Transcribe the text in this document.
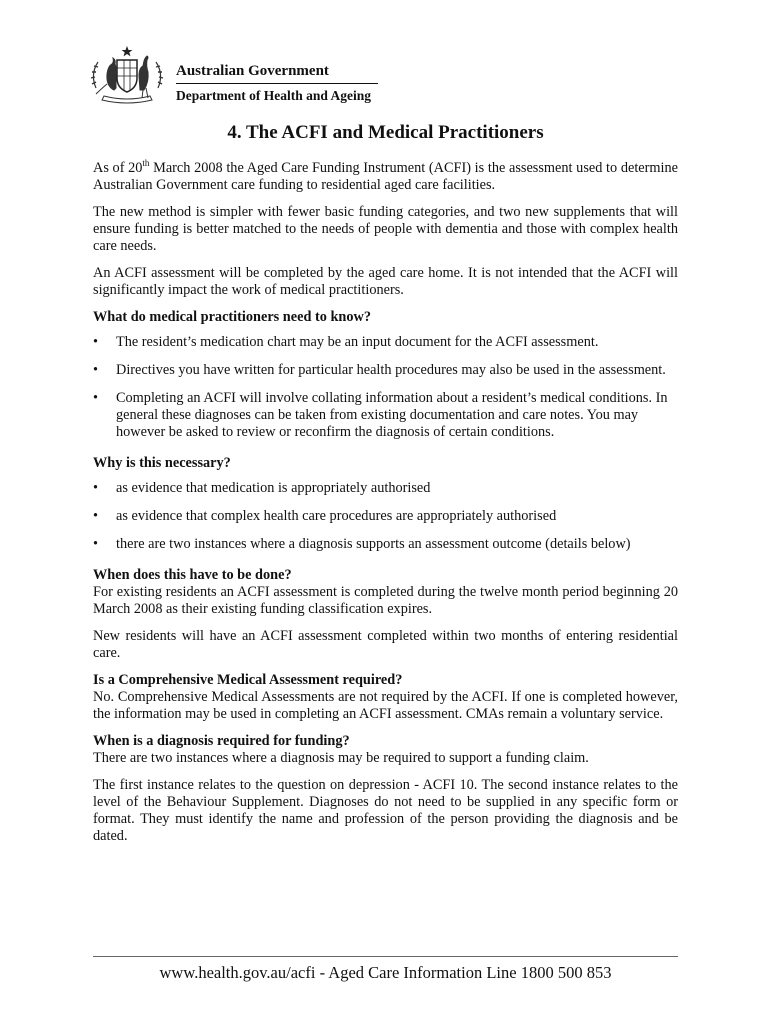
Australian Government
Department of Health and Ageing
4. The ACFI and Medical Practitioners

As of 20th March 2008 the Aged Care Funding Instrument (ACFI) is the assessment used to determine Australian Government care funding to residential aged care facilities.

The new method is simpler with fewer basic funding categories, and two new supplements that will ensure funding is better matched to the needs of people with dementia and those with complex health care needs.

An ACFI assessment will be completed by the aged care home. It is not intended that the ACFI will significantly impact the work of medical practitioners.

What do medical practitioners need to know?
• The resident’s medication chart may be an input document for the ACFI assessment.
• Directives you have written for particular health procedures may also be used in the assessment.
• Completing an ACFI will involve collating information about a resident’s medical conditions. In general these diagnoses can be taken from existing documentation and care notes. You may however be asked to review or reconfirm the diagnosis of certain conditions.
Why is this necessary?
• as evidence that medication is appropriately authorised
• as evidence that complex health care procedures are appropriately authorised
• there are two instances where a diagnosis supports an assessment outcome (details below)
When does this have to be done?

For existing residents an ACFI assessment is completed during the twelve month period beginning 20 March 2008 as their existing funding classification expires.

New residents will have an ACFI assessment completed within two months of entering residential care.

Is a Comprehensive Medical Assessment required?

No. Comprehensive Medical Assessments are not required by the ACFI. If one is completed however, the information may be used in completing an ACFI assessment. CMAs remain a voluntary service.

When is a diagnosis required for funding?

There are two instances where a diagnosis may be required to support a funding claim.

The first instance relates to the question on depression - ACFI 10. The second instance relates to the level of the Behaviour Supplement. Diagnoses do not need to be supplied in any specific form or format. They must identify the name and profession of the person providing the diagnosis and be dated.

www.health.gov.au/acfi - Aged Care Information Line 1800 500 853
